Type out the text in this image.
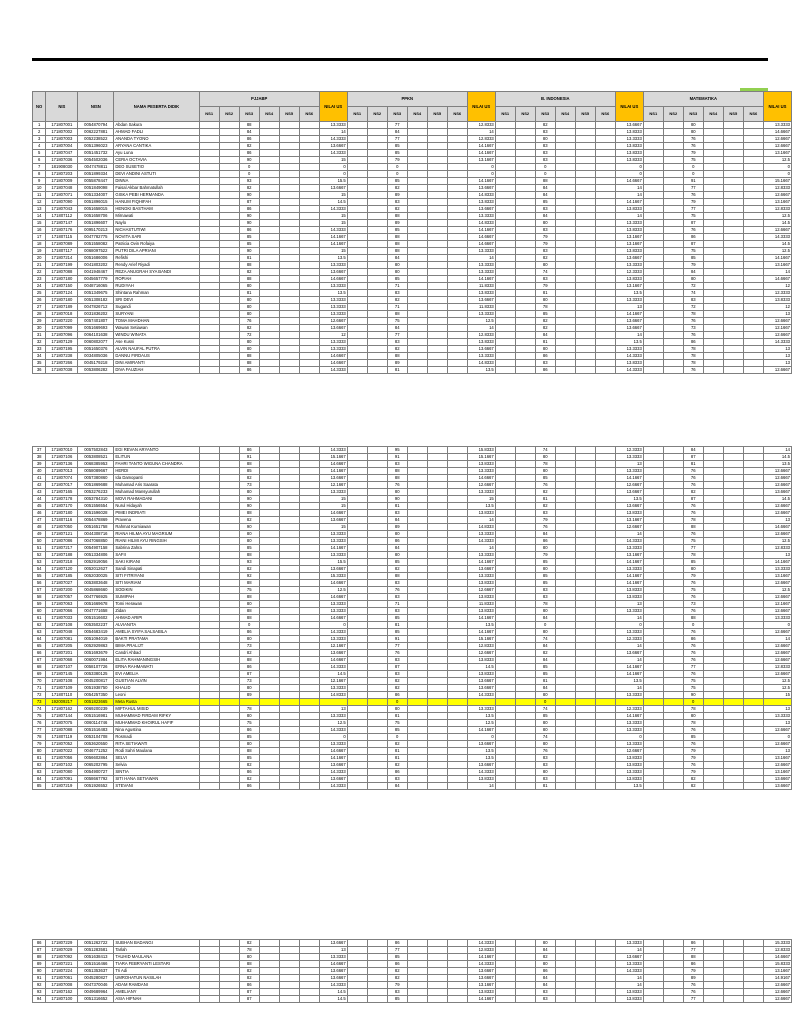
NO	NIS	NISN	NAMA PESERTA DIDIK	PJJABP						NILAI US	PPKN						NILAI US	B. INDONESIA						NILAI US	MATEMATIKA						NILAI US
				NS1	NS2	NS3	NS4	NS5	NS6		NS1	NS2	NS3	NS4	NS5	NS6		NS1	NS2	NS3	NS4	NS5	NS6		NS1	NS2	NS3	NS4	NS5	NS6	
1	171807001	0054870794	Abdan Sakura			88				13.3333			77				12.8333			82				13.6667			80				13.3333
2	171807002	0062227881	AHMAD FADLI			84				14			84				14			83				13.8333			80				14.6667
3	171807003	0052238522	ANANDA TYONO			86				14.3333			77				12.8333			80				13.3333			76				12.6667
4	171807004	0051396023	ARYANA CANTIKA			82				13.6667			85				14.1667			83				13.8333			76				12.6667
5	171807047	0051451732	Ayu Luna			86				14.3333			85				14.1667			83				13.8333			79				13.1667
6	171807036	0054502036	CERIA OCTAVIA			90				15			79				13.1667			83				13.8333			75				12.5
7	181908030	0047478811	DEO SUSETIO			0				0			0				0			0				0			0				0
8	171807203	0051899334	DEVI ANDINI ASTUTI			0				0			0				0			0				0			0				0
9	171807009	0055878447	DINNA			93				15.5			85				14.1667			88				14.6667			91				15.1667
10	171807048	0051849098	Faisal Akbar Bahmatullah			82				13.6667			82				13.6667			84				14			77				12.8333
11	171807071	0051334007	GISKA PEBI HERMANDA			90				15			89				14.8333			84				14			76				12.6667
12	171807090	0051896015	HANUM FIQHIFAH			87				14.5			83				13.8333			85				14.1667			79				13.1667
13	171807043	0051658015	HENGKI BASTHAM			86				14.3333			82				13.6667			83				13.8333			77				12.8333
14	171807112	0051658706	Mirnawati			90				15			88				13.3333			84				14			75				12.5
15	171807147	0051896607	Naylo			90				15			89				14.8333			80				13.3333			87				14.5
16	171807176	0095170213	NICHASTUTIWI			86				14.3333			85				14.1667			83				13.8333			76				12.6667
17	171807115	0047782775	NOVITA SARI			85				14.1667			88				14.6667			79				13.1667			86				14.3333
18	171807089	0051558082	Patricia Ovin Rofaiya			85				14.1667			88				14.6667			79				13.1667			87				14.5
19	171807117	0068097522	PUTRI DILA APRIANI			90				15			88				13.3333			83				13.8333			75				12.5
20	171807214	0051686006	Refishi			81				13.5			84				14			82				13.6667			85				14.1667
21	171807199	0041803202	Rendy Arief Riyadi			88				13.3333			80				13.3333			80				13.3333			79				13.1667
22	171807088	0041948467	REZA ANUGRAH SYA BANDI			82				13.6667			80				13.3333			74				12.3333			84				14
23	171807180	0045657779	ROPIAH			88				14.6667			85				14.1667			83				13.8333			80				14.6667
24	171807150	0048716065	RUDIYAH			80				13.3333			71				11.8333			79				13.1667			72				12
25	171807124	0051349675	Shintana Rahman			81				13.5			83				13.8333			81				13.5			74				12.3333
26	171807180	0051308182	SRI DEVI			80				13.3333			82				13.6667			80				13.3333			83				13.8333
27	171807189	0047826712	Sugandi			80				13.3333			71				11.8333			78				13			72				12
28	171807018	0031836202	SURYANI			80				13.3333			88				13.3333			85				14.1667			78				13
29	171807220	0057401807	TOMA MAHDHAN			76				12.6667			75				12.5			82				13.6667			76				12.6667
30	171807099	0051669693	Wawan Setiawan			82				13.6667			84				14			82				13.6667			73				12.1667
31	171807096	0064101638	WINDU WINATA			72				12			77				12.8333			84				14			76				12.6667
32	171807129	0060802077	Ase Kusni			80				13.3333			83				13.8333			81				13.5			86				14.3333
33	171807195	0051650376	ALVIN NAUFAL PUTRA			80				13.3333			82				13.6667			80				13.3333			78				13
34	171807238	0034805036	DANNU FIRDAUS			88				14.6667			88				13.3333			86				14.3333			78				13
35	171807266	0045179218	DINI AMIRANTI			88				14.6667			89				14.8333			83				13.8333			78				13
36	171807038	0053806282	DIVA FAUZIAH			86				14.3333			81				13.5			86				14.3333			76				12.6667
37	171807010	0057502843	EGI REVAN ARYANTO			86				14.3333			95				15.8333			74				12.3333			84				14
38	171807106	0053808521	ELITUN			91				15.1667			91				15.1667			80				13.3333			87				14.5
39	171807136	0068385953	FAHRI TANTO WIGUNA CHANDRA			88				14.6667			83				13.8333			78				13			81				13.5
40	171807013	0058089667	HERDI			85				14.1667			88				13.3333			80				13.3333			76				12.6667
41	171807074	0057380860	Ida Damopanti			82				13.6667			88				14.6667			85				14.1667			76				12.6667
42	171807017	0051869688	Muhamad Aris Saarata			73				12.1667			76				12.6667			76				12.6667			76				12.6667
43	171807165	0053276233	Muhamad Mansyurullah			80				13.3333			80				13.3333			82				13.6667			82				13.6667
44	171807178	0053784310	MOVI RAHMADANI			90				15			90				15			81				13.5			87				14.5
45	171807170	0051556554	Nurul Hidayah			90				15			81				13.5			82				13.6667			76				12.6667
46	171807180	0051596028	PIMEI INDRIATI			88				14.6667			83				13.8333			83				13.8333			76				12.6667
47	171807116	0054478869	Pravena			82				13.6667			84				14			79				13.1667			78				13
48	171807050	0051651758	Rahmat Kurniawan			90				15			89				14.8333			76				12.6667			88				14.6667
49	171807121	0044308716	RIANA HILMA AYU MAGRIUM			80				13.3333			80				13.3333			84				14			76				12.6667
50	171807086	0047068850	RIANI HILMI AYU RINGSIH			80				13.3333			86				14.3333			86				14.3333			75				12.5
51	171807217	0054907158	Sabrina Zahra			85				14.1667			84				14			80				13.3333			77				12.8333
52	171807188	0051334806	SAFII			88				13.3333			80				13.3333			79				13.1667			78				13
53	171807218	0052919056	SAKI KIRANI			93				15.5			85				14.1667			85				14.1667			85				14.1667
54	171807120	0052012627	Sandi Sinapati			82				13.6667			82				13.6667			80				13.3333			80				13.3333
55	171807185	0052030025	SITI FITRIYANI			92				15.3333			88				13.3333			85				14.1667			79				13.1667
56	171807027	0053803648	SITI MARIAM			88				14.6667			83				13.8333			85				14.1667			76				12.6667
57	171807200	0045868660	SODIKIN			75				12.5			76				12.6667			83				13.8333			75				12.5
58	171807057	0047766925	SUMIPAH			88				14.6667			83				13.8333			83				13.8333			76				12.6667
59	171807063	0051669678	Tomi Herawan			80				13.3333			71				11.8333			78				13			73				12.1667
60	171807066	0047771658	Zidan			88				13.3333			83				13.8333			80				13.3333			76				12.6667
61	171807033	0051516602	AHMAD ARIPI			88				14.6667			85				14.1667			84				14			88				13.3333
62	171807108	0053502237	ALVIANITA			0				0			81				13.5			0				0			0				0
63	171807048	0054683419	AMELIA SYIFA SALSABILA			86				14.3333			85				14.1667			80				13.3333			76				12.6667
64	171807081	0051094019	BAKTI PRATAMA			80				13.3333			91				15.1667			74				12.3333			86				14
65	171807205	0052929863	BIMA PRALIJT			73				12.1667			77				12.8333			84				14			76				12.6667
66	171807201	0051693679	Candri Ahbad			82				13.6667			76				12.6667			82				13.6667			76				12.6667
67	171807068	0060071984	ELITA RAHMANINGSIH			88				14.6667			83				13.8333			84				14			76				12.6667
68	171807107	0058107726	ERNA RAHMAWATI			86				14.3333			87				14.5			85				14.1667			77				12.8333
69	171807145	0053380125	EVI AMELIA			87				14.5			83				13.8333			85				14.1667			76				12.6667
70	171807108	0045200817	GUSTIAN ALVIN			73				12.1667			82				13.6667			81				13.5			75				12.5
71	171807109	0051938750	KHALID			80				13.3333			82				13.6667			84				14			75				12.5
72	171807110	0054257350	Leoni			89				14.8333			86				14.3333			80				13.3333			90				15
73	192009217	0051823665	Meta Rusta										0							0							0				
74	171807162	0069200239	MIFTAHUL MISID			78				13			80				13.3333			74				12.3333			78				13
75	171807144	0051516981	MUHAMMAD FIRDAM RIFKY			80				13.3333			81				13.5			85				14.1667			80				13.3333
76	171807075	0060114746	MUHAMMAD KHOIRUL HAFIF			75				12.5			75				12.5			80				13.3333			78				13
77	171807088	0051516483	Nina Agustina			86				14.3333			85				14.1667			80				13.3333			76				12.6667
78	171807119	0053104708	Rosmadi			85				0			0				0			74				0			85				0
79	171807052	0053620550	RITA SETIAWATI			80				13.3333			82				13.6667			80				13.3333			76				12.6667
80	171807022	0046771252	Rodi Sahri Maulana			88				14.6667			81				13.5			76				12.6667			79				13
81	171807056	0056602864	SELVI			85				14.1667			81				13.5			83				13.8333			79				13.1667
82	171807102	0065202795	Selvia			82				13.6667			82				13.6667			83				13.8333			76				12.6667
83	171807080	0054900727	SINTIA			86				14.3333			86				14.3333			80				13.3333			79				13.1667
84	171807091	0058667792	SITI HANA SETIAWAN			82				13.6667			83				13.8333			83				13.8333			82				13.6667
85	171807219	0051926552	STEVANI			86				14.3333			84				14			81				13.5			82				13.6667
86	171807229	0051262722	SUBHAN BADANGI			82				13.6667			86				14.3333			80				13.3333			86				15.3333
87	171807029	0051283581	Tarlah			78				13			77				12.8333			84				14			77				12.8333
88	171807092	0051638413	TAUHID MAULANA			80				13.3333			85				14.1667			82				13.6667			88				14.6667
89	171807221	0051516466	TIARA FEBRYANTI LESTARI			88				14.6667			86				14.3333			80				13.3333			86				15.8333
90	171807224	0051353637	Tri Adi			82				13.6667			82				13.6667			86				14.3333			79				13.1667
91	171807061	0045280827	UMROHATUN NASILAH			82				13.6667			82				13.6667			84				14			89				14.9167
92	171807008	0047370046	ADAM RAMDANI			86				14.3333			79				13.1667			84				14			76				12.6667
93	171807162	0049689964	AMELIANY			87				14.5			83				13.8333			83				13.8333			76				12.6667
94	171807100	0051316652	ASIA HIFNAH			87				14.5			85				14.1667			83				13.8333			77				12.6667
